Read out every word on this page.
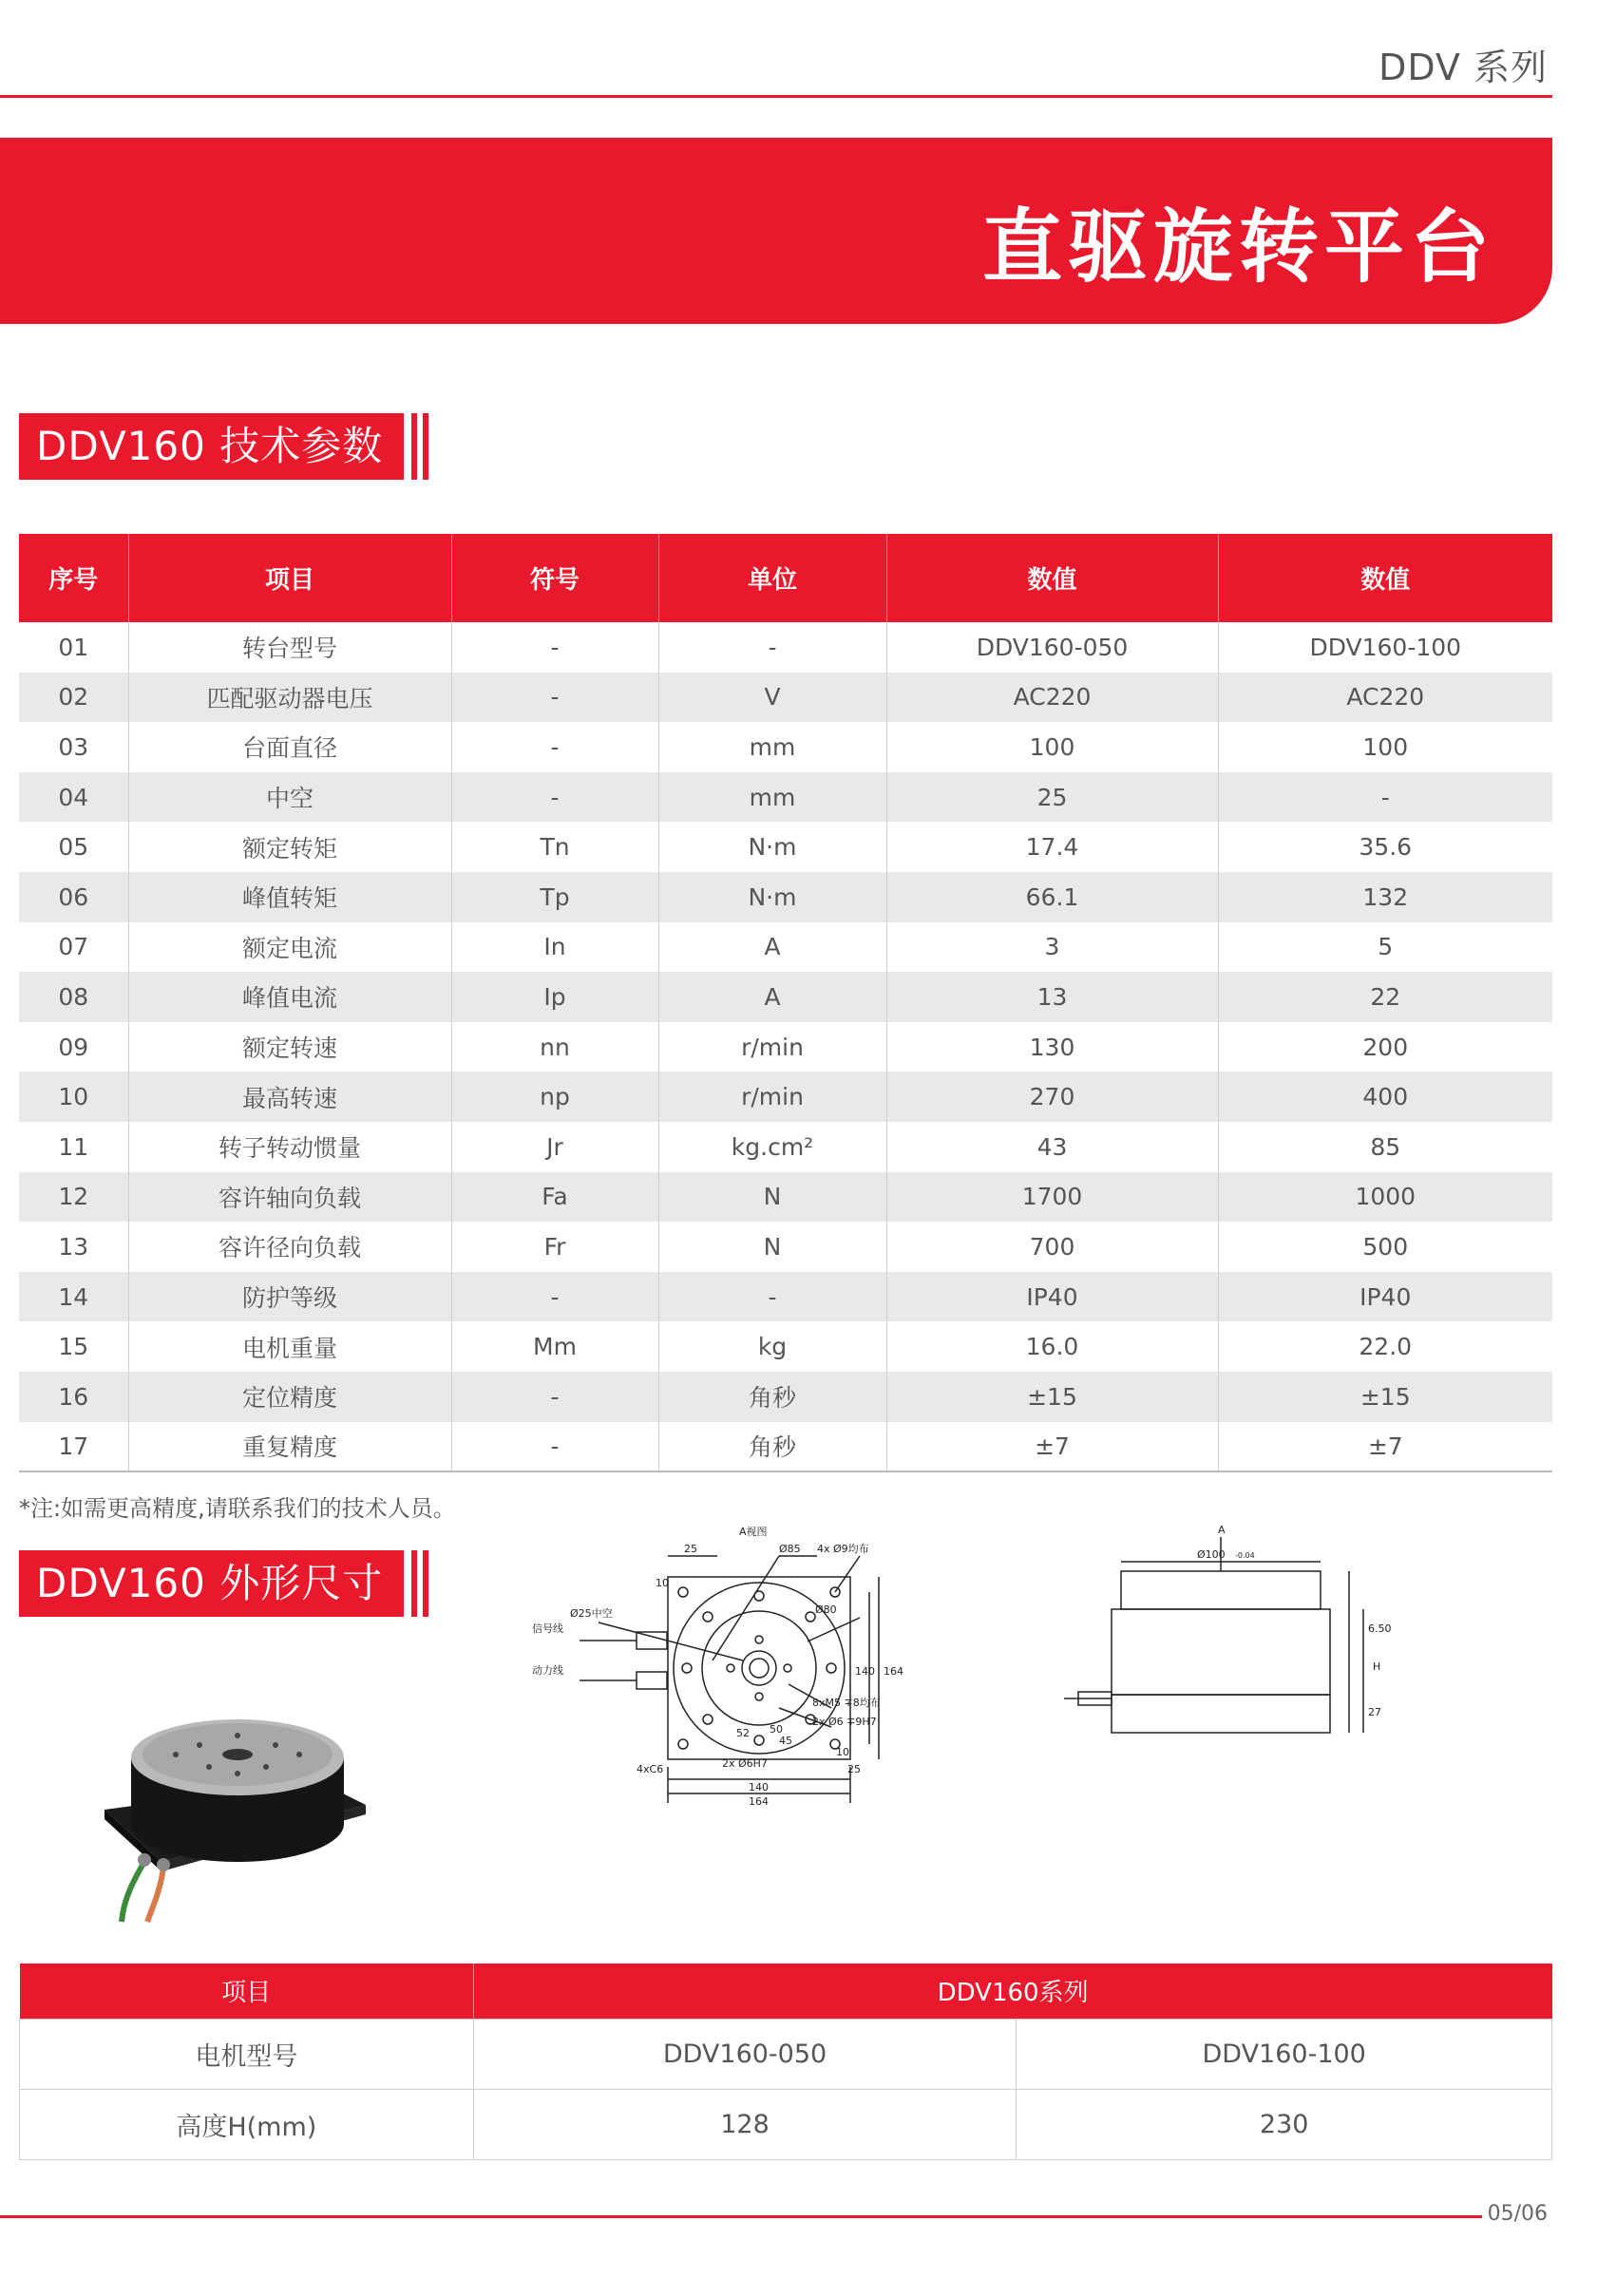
DDV 系列
直驱旋转平台
DDV160 技术参数
序号	项目	符号	单位	数值	数值
01	转台型号	-	-	DDV160-050	DDV160-100
02	匹配驱动器电压	-	V	AC220	AC220
03	台面直径	-	mm	100	100
04	中空	-	mm	25	-
05	额定转矩	Tn	N·m	17.4	35.6
06	峰值转矩	Tp	N·m	66.1	132
07	额定电流	In	A	3	5
08	峰值电流	Ip	A	13	22
09	额定转速	nn	r/min	130	200
10	最高转速	np	r/min	270	400
11	转子转动惯量	Jr	kg.cm²	43	85
12	容许轴向负载	Fa	N	1700	1000
13	容许径向负载	Fr	N	700	500
14	防护等级	-	-	IP40	IP40
15	电机重量	Mm	kg	16.0	22.0
16	定位精度	-	角秒	±15	±15
17	重复精度	-	角秒	±7	±7
*注:如需更高精度,请联系我们的技术人员。
DDV160 外形尺寸
A视图	A
Ø85 4x Ø9均布
Ø80
Ø25中空
信号线
动力线
8xM5 ∓8均布
2x Ø6 ∓9H7
2x Ø6H7
4xC6
Ø100 -0.04
25
10
140
164
140 164
52 50
45
10
25
6.50
H
27
项目	DDV160系列	
电机型号	DDV160-050	DDV160-100
高度H(mm)	128	230
05/06
